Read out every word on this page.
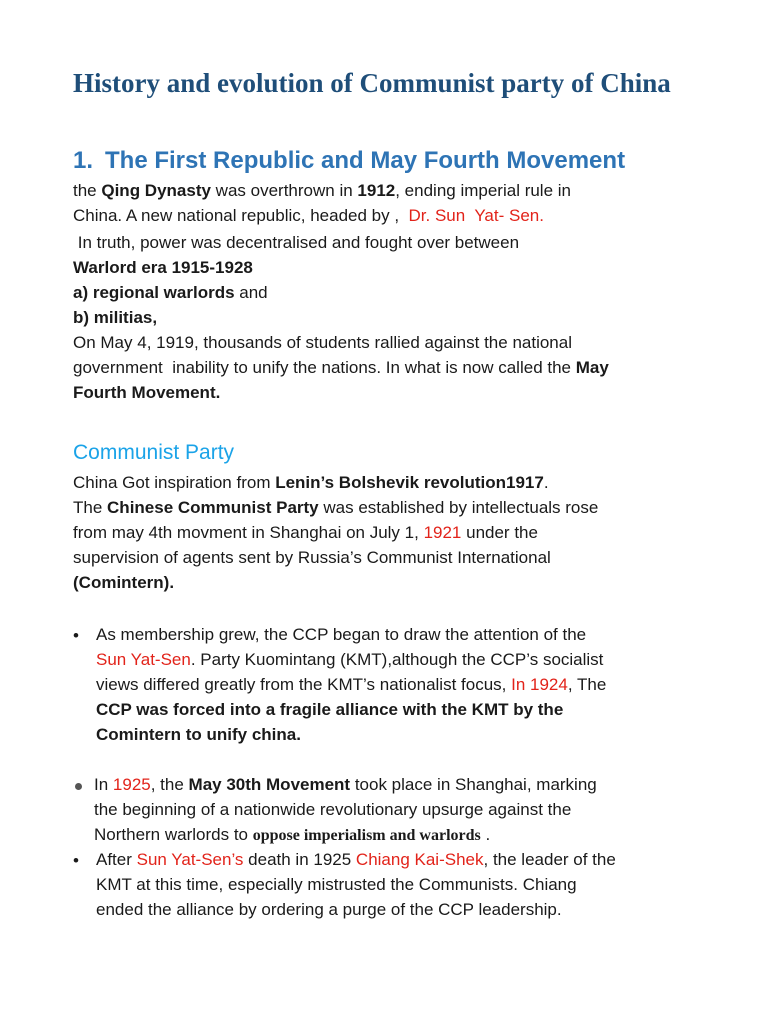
History and evolution of Communist party of China
1. The First Republic and May Fourth Movement

the Qing Dynasty was overthrown in 1912, ending imperial rule in

China. A new national republic, headed by ,  Dr. Sun  Yat- Sen.

In truth, power was decentralised and fought over between

Warlord era 1915-1928

a) regional warlords and

b) militias,

On May 4, 1919, thousands of students rallied against the national

government  inability to unify the nations. In what is now called the May

Fourth Movement.

Communist Party

China Got inspiration from Lenin’s Bolshevik revolution1917.

The Chinese Communist Party was established by intellectuals rose

from may 4th movment in Shanghai on July 1, 1921 under the

supervision of agents sent by Russia’s Communist International

(Comintern).

• As membership grew, the CCP began to draw the attention of the

Sun Yat-Sen. Party Kuomintang (KMT),although the CCP’s socialist

views differed greatly from the KMT’s nationalist focus, In 1924, The

CCP was forced into a fragile alliance with the KMT by the

Comintern to unify china.

In 1925, the May 30th Movement took place in Shanghai, marking

the beginning of a nationwide revolutionary upsurge against the

Northern warlords to oppose imperialism and warlords .

• After Sun Yat-Sen’s death in 1925 Chiang Kai-Shek, the leader of the

KMT at this time, especially mistrusted the Communists. Chiang

ended the alliance by ordering a purge of the CCP leadership.
